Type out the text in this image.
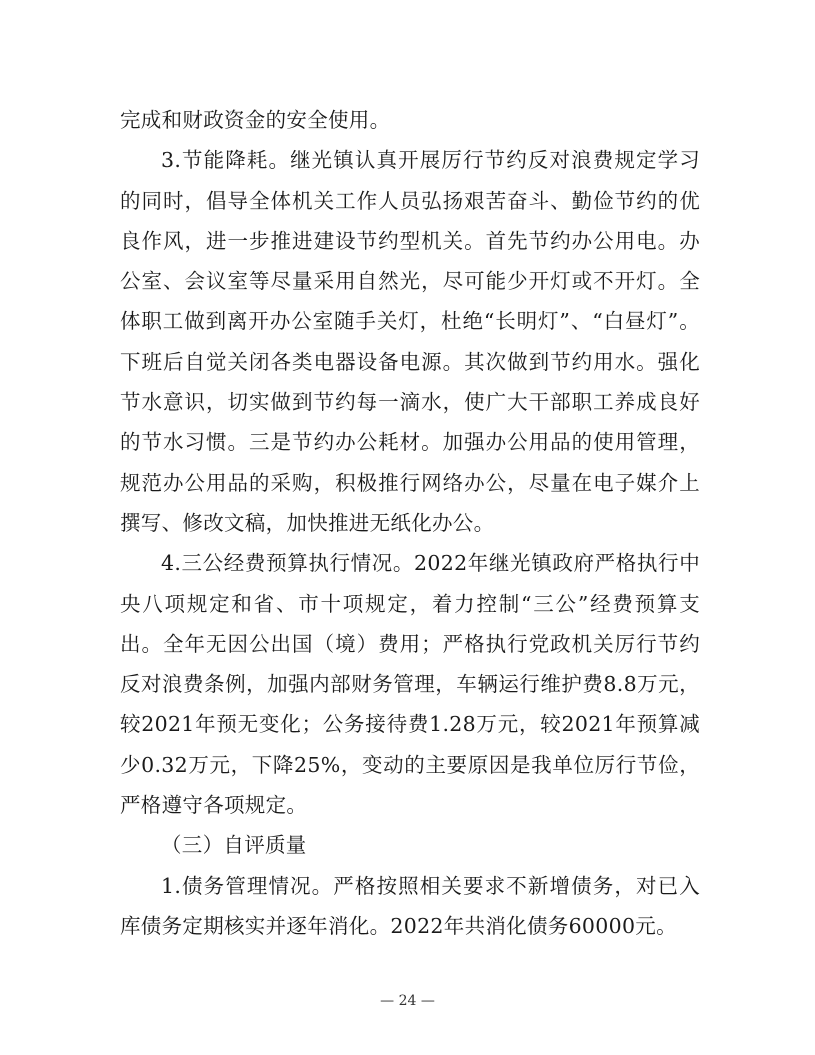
完成和财政资金的安全使用。

3.节能降耗。继光镇认真开展厉行节约反对浪费规定学习的同时，倡导全体机关工作人员弘扬艰苦奋斗、勤俭节约的优良作风，进一步推进建设节约型机关。首先节约办公用电。办公室、会议室等尽量采用自然光，尽可能少开灯或不开灯。全体职工做到离开办公室随手关灯，杜绝“长明灯”、“白昼灯”。下班后自觉关闭各类电器设备电源。其次做到节约用水。强化节水意识，切实做到节约每一滴水，使广大干部职工养成良好的节水习惯。三是节约办公耗材。加强办公用品的使用管理，规范办公用品的采购，积极推行网络办公，尽量在电子媒介上撰写、修改文稿，加快推进无纸化办公。

4.三公经费预算执行情况。2022年继光镇政府严格执行中央八项规定和省、市十项规定，着力控制“三公”经费预算支出。全年无因公出国（境）费用；严格执行党政机关厉行节约反对浪费条例，加强内部财务管理，车辆运行维护费8.8万元，较2021年预无变化；公务接待费1.28万元，较2021年预算减少0.32万元，下降25%，变动的主要原因是我单位厉行节俭，严格遵守各项规定。

（三）自评质量

1.债务管理情况。严格按照相关要求不新增债务，对已入库债务定期核实并逐年消化。2022年共消化债务60000元。

— 24 —
